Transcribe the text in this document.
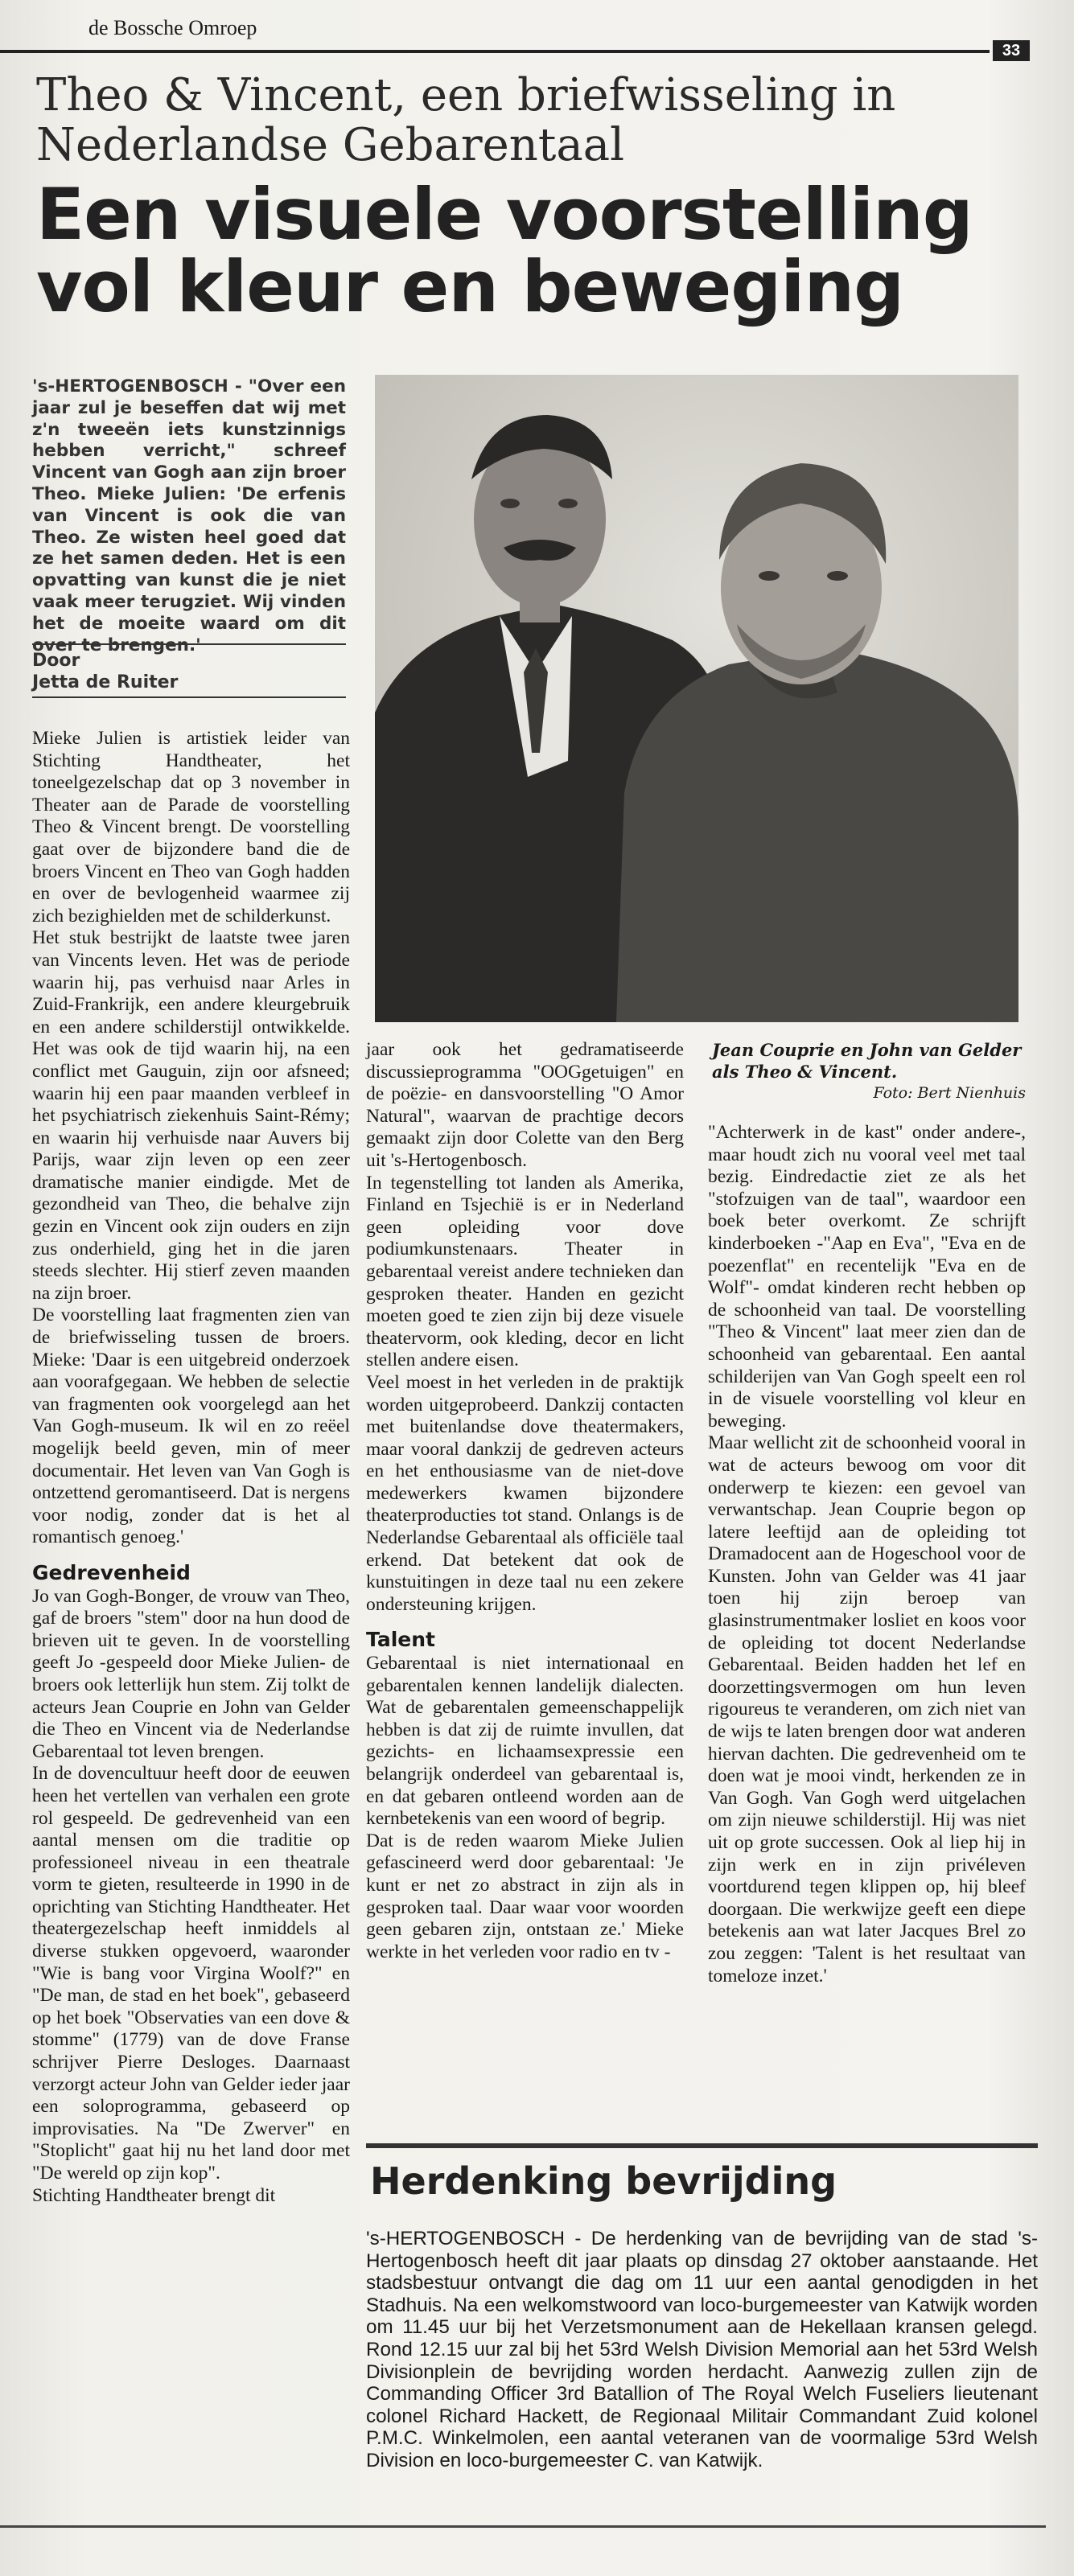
de Bossche Omroep
33
Theo & Vincent, een briefwisseling in Nederlandse Gebarentaal
Een visuele voorstelling vol kleur en beweging
's-HERTOGENBOSCH - "Over een jaar zul je beseffen dat wij met z'n tweeën iets kunstzinnigs hebben verricht," schreef Vincent van Gogh aan zijn broer Theo. Mieke Julien: 'De erfenis van Vincent is ook die van Theo. Ze wisten heel goed dat ze het samen deden. Het is een opvatting van kunst die je niet vaak meer terugziet. Wij vinden het de moeite waard om dit over te brengen.'
Door
Jetta de Ruiter

Mieke Julien is artistiek leider van Stichting Handtheater, het toneelgezelschap dat op 3 november in Theater aan de Parade de voorstelling Theo & Vincent brengt. De voorstelling gaat over de bijzondere band die de broers Vincent en Theo van Gogh hadden en over de bevlogenheid waarmee zij zich bezighielden met de schilderkunst.

Het stuk bestrijkt de laatste twee jaren van Vincents leven. Het was de periode waarin hij, pas verhuisd naar Arles in Zuid-Frankrijk, een andere kleurgebruik en een andere schilderstijl ontwikkelde. Het was ook de tijd waarin hij, na een conflict met Gauguin, zijn oor afsneed; waarin hij een paar maanden verbleef in het psychiatrisch ziekenhuis Saint-Rémy; en waarin hij verhuisde naar Auvers bij Parijs, waar zijn leven op een zeer dramatische manier eindigde. Met de gezondheid van Theo, die behalve zijn gezin en Vincent ook zijn ouders en zijn zus onderhield, ging het in die jaren steeds slechter. Hij stierf zeven maanden na zijn broer.

De voorstelling laat fragmenten zien van de briefwisseling tussen de broers. Mieke: 'Daar is een uitgebreid onderzoek aan voorafgegaan. We hebben de selectie van fragmenten ook voorgelegd aan het Van Gogh-museum. Ik wil en zo reëel mogelijk beeld geven, min of meer documentair. Het leven van Van Gogh is ontzettend geromantiseerd. Dat is nergens voor nodig, zonder dat is het al romantisch genoeg.'

Gedrevenheid

Jo van Gogh-Bonger, de vrouw van Theo, gaf de broers "stem" door na hun dood de brieven uit te geven. In de voorstelling geeft Jo -gespeeld door Mieke Julien- de broers ook letterlijk hun stem. Zij tolkt de acteurs Jean Couprie en John van Gelder die Theo en Vincent via de Nederlandse Gebarentaal tot leven brengen.

In de dovencultuur heeft door de eeuwen heen het vertellen van verhalen een grote rol gespeeld. De gedrevenheid van een aantal mensen om die traditie op professioneel niveau in een theatrale vorm te gieten, resulteerde in 1990 in de oprichting van Stichting Handtheater. Het theatergezelschap heeft inmiddels al diverse stukken opgevoerd, waaronder "Wie is bang voor Virgina Woolf?" en "De man, de stad en het boek", gebaseerd op het boek "Observaties van een dove & stomme" (1779) van de dove Franse schrijver Pierre Desloges. Daarnaast verzorgt acteur John van Gelder ieder jaar een soloprogramma, gebaseerd op improvisaties. Na "De Zwerver" en "Stoplicht" gaat hij nu het land door met "De wereld op zijn kop".

Stichting Handtheater brengt dit

Jean Couprie en John van Gelder als Theo & Vincent.
Foto: Bert Nienhuis

jaar ook het gedramatiseerde discussieprogramma "OOGgetuigen" en de poëzie- en dansvoorstelling "O Amor Natural", waarvan de prachtige decors gemaakt zijn door Colette van den Berg uit 's-Hertogenbosch.

In tegenstelling tot landen als Amerika, Finland en Tsjechië is er in Nederland geen opleiding voor dove podiumkunstenaars. Theater in gebarentaal vereist andere technieken dan gesproken theater. Handen en gezicht moeten goed te zien zijn bij deze visuele theatervorm, ook kleding, decor en licht stellen andere eisen.

Veel moest in het verleden in de praktijk worden uitgeprobeerd. Dankzij contacten met buitenlandse dove theatermakers, maar vooral dankzij de gedreven acteurs en het enthousiasme van de niet-dove medewerkers kwamen bijzondere theaterproducties tot stand. Onlangs is de Nederlandse Gebarentaal als officiële taal erkend. Dat betekent dat ook de kunstuitingen in deze taal nu een zekere ondersteuning krijgen.

Talent

Gebarentaal is niet internationaal en gebarentalen kennen landelijk dialecten. Wat de gebarentalen gemeenschappelijk hebben is dat zij de ruimte invullen, dat gezichts- en lichaamsexpressie een belangrijk onderdeel van gebarentaal is, en dat gebaren ontleend worden aan de kernbetekenis van een woord of begrip.

Dat is de reden waarom Mieke Julien gefascineerd werd door gebarentaal: 'Je kunt er net zo abstract in zijn als in gesproken taal. Daar waar voor woorden geen gebaren zijn, ontstaan ze.' Mieke werkte in het verleden voor radio en tv -

"Achterwerk in de kast" onder andere-, maar houdt zich nu vooral veel met taal bezig. Eindredactie ziet ze als het "stofzuigen van de taal", waardoor een boek beter overkomt. Ze schrijft kinderboeken -"Aap en Eva", "Eva en de poezenflat" en recentelijk "Eva en de Wolf"- omdat kinderen recht hebben op de schoonheid van taal. De voorstelling "Theo & Vincent" laat meer zien dan de schoonheid van gebarentaal. Een aantal schilderijen van Van Gogh speelt een rol in de visuele voorstelling vol kleur en beweging.

Maar wellicht zit de schoonheid vooral in wat de acteurs bewoog om voor dit onderwerp te kiezen: een gevoel van verwantschap. Jean Couprie begon op latere leeftijd aan de opleiding tot Dramadocent aan de Hogeschool voor de Kunsten. John van Gelder was 41 jaar toen hij zijn beroep van glasinstrumentmaker losliet en koos voor de opleiding tot docent Nederlandse Gebarentaal. Beiden hadden het lef en doorzettingsvermogen om hun leven rigoureus te veranderen, om zich niet van de wijs te laten brengen door wat anderen hiervan dachten. Die gedrevenheid om te doen wat je mooi vindt, herkenden ze in Van Gogh. Van Gogh werd uitgelachen om zijn nieuwe schilderstijl. Hij was niet uit op grote successen. Ook al liep hij in zijn werk en in zijn privéleven voortdurend tegen klippen op, hij bleef doorgaan. Die werkwijze geeft een diepe betekenis aan wat later Jacques Brel zo zou zeggen: 'Talent is het resultaat van tomeloze inzet.'

Herdenking bevrijding
's-HERTOGENBOSCH - De herdenking van de bevrijding van de stad 's-Hertogenbosch heeft dit jaar plaats op dinsdag 27 oktober aanstaande. Het stadsbestuur ontvangt die dag om 11 uur een aantal genodigden in het Stadhuis. Na een welkomstwoord van loco-burgemeester van Katwijk worden om 11.45 uur bij het Verzetsmonument aan de Hekellaan kransen gelegd. Rond 12.15 uur zal bij het 53rd Welsh Division Memorial aan het 53rd Welsh Divisionplein de bevrijding worden herdacht. Aanwezig zullen zijn de Commanding Officer 3rd Batallion of The Royal Welch Fuseliers lieutenant colonel Richard Hackett, de Regionaal Militair Commandant Zuid kolonel P.M.C. Winkelmolen, een aantal veteranen van de voormalige 53rd Welsh Division en loco-burgemeester C. van Katwijk.
